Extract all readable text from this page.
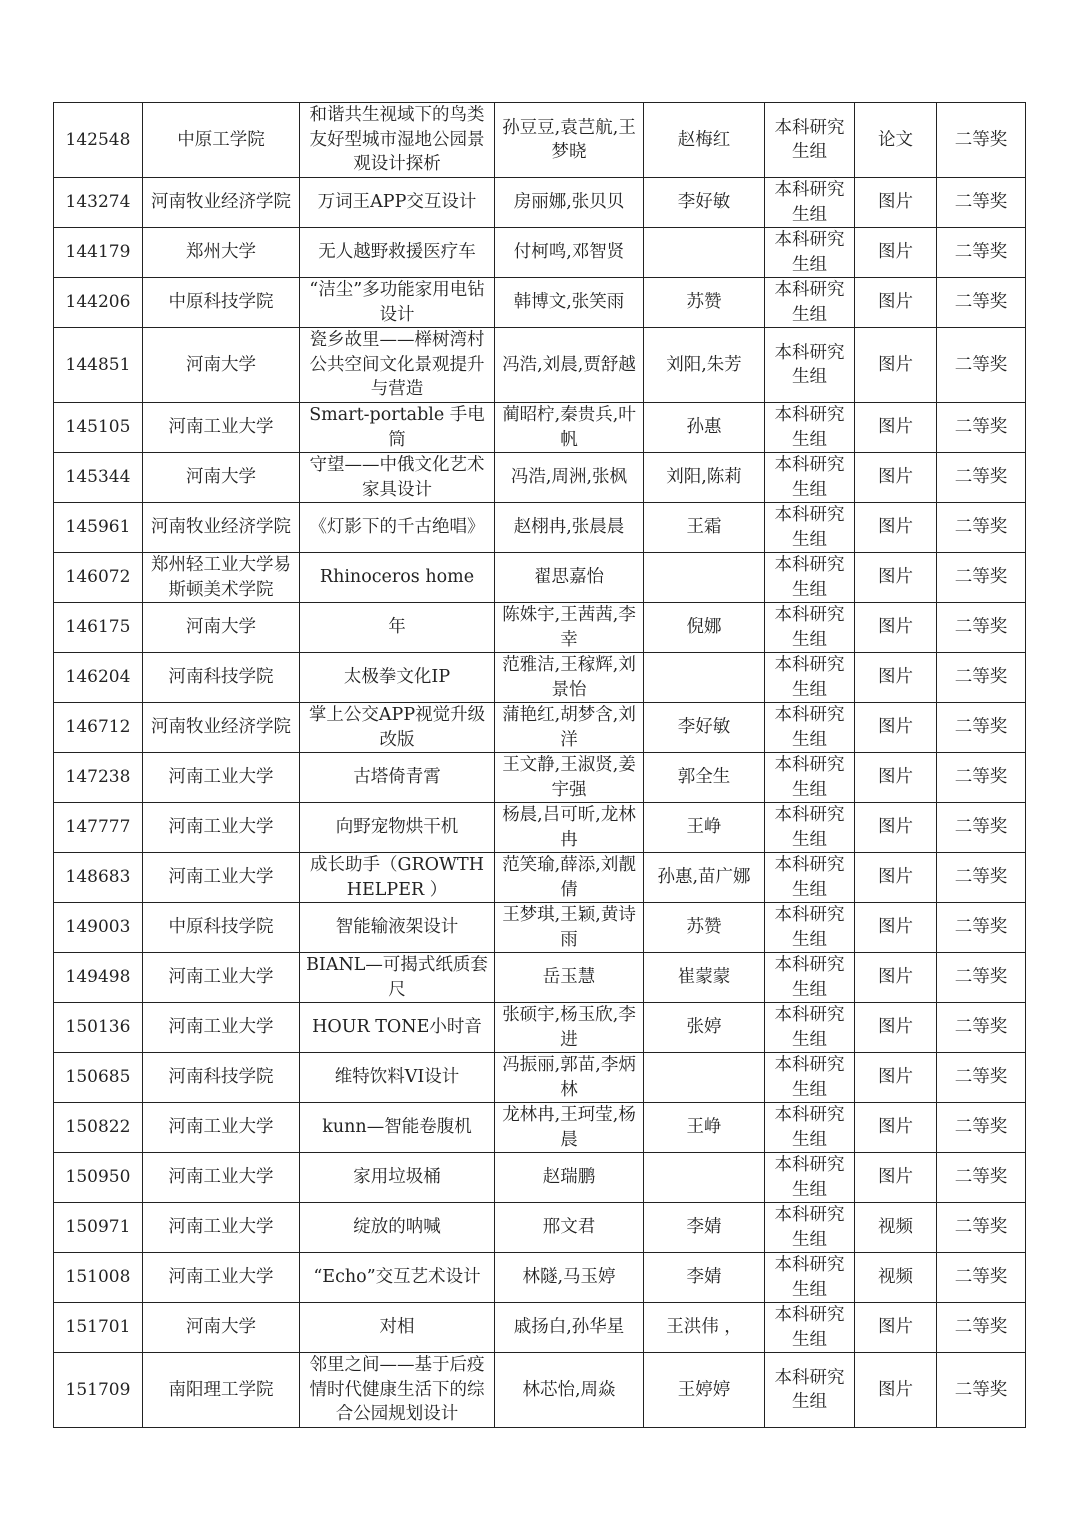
142548	中原工学院	和谐共生视域下的鸟类友好型城市湿地公园景观设计探析	孙豆豆,袁芑航,王梦晓	赵梅红	本科研究生组	论文	二等奖
143274	河南牧业经济学院	万词王APP交互设计	房丽娜,张贝贝	李好敏	本科研究生组	图片	二等奖
144179	郑州大学	无人越野救援医疗车	付柯鸣,邓智贤		本科研究生组	图片	二等奖
144206	中原科技学院	“洁尘”多功能家用电钻设计	韩博文,张笑雨	苏赞	本科研究生组	图片	二等奖
144851	河南大学	瓷乡故里——榉树湾村公共空间文化景观提升与营造	冯浩,刘晨,贾舒越	刘阳,朱芳	本科研究生组	图片	二等奖
145105	河南工业大学	Smart-portable 手电筒	蔺昭柠,秦贵兵,叶帆	孙惠	本科研究生组	图片	二等奖
145344	河南大学	守望——中俄文化艺术家具设计	冯浩,周洲,张枫	刘阳,陈莉	本科研究生组	图片	二等奖
145961	河南牧业经济学院	《灯影下的千古绝唱》	赵栩冉,张晨晨	王霜	本科研究生组	图片	二等奖
146072	郑州轻工业大学易斯顿美术学院	Rhinoceros home	翟思嘉怡		本科研究生组	图片	二等奖
146175	河南大学	年	陈姝宇,王茜茜,李幸	倪娜	本科研究生组	图片	二等奖
146204	河南科技学院	太极拳文化IP	范雅洁,王稼辉,刘景怡		本科研究生组	图片	二等奖
146712	河南牧业经济学院	掌上公交APP视觉升级改版	蒲艳红,胡梦含,刘洋	李好敏	本科研究生组	图片	二等奖
147238	河南工业大学	古塔倚青霄	王文静,王淑贤,姜宇强	郭全生	本科研究生组	图片	二等奖
147777	河南工业大学	向野宠物烘干机	杨晨,吕可昕,龙林冉	王峥	本科研究生组	图片	二等奖
148683	河南工业大学	成长助手（GROWTH HELPER ）	范笑瑜,薛添,刘靓倩	孙惠,苗广娜	本科研究生组	图片	二等奖
149003	中原科技学院	智能输液架设计	王梦琪,王颖,黄诗雨	苏赞	本科研究生组	图片	二等奖
149498	河南工业大学	BIANL—可揭式纸质套尺	岳玉慧	崔蒙蒙	本科研究生组	图片	二等奖
150136	河南工业大学	HOUR TONE小时音	张硕宇,杨玉欣,李进	张婷	本科研究生组	图片	二等奖
150685	河南科技学院	维特饮料VI设计	冯振丽,郭苗,李炳林		本科研究生组	图片	二等奖
150822	河南工业大学	kunn—智能卷腹机	龙林冉,王珂莹,杨晨	王峥	本科研究生组	图片	二等奖
150950	河南工业大学	家用垃圾桶	赵瑞鹏		本科研究生组	图片	二等奖
150971	河南工业大学	绽放的呐喊	邢文君	李婧	本科研究生组	视频	二等奖
151008	河南工业大学	“Echo”交互艺术设计	林隧,马玉婷	李婧	本科研究生组	视频	二等奖
151701	河南大学	对相	戚扬白,孙华星	王洪伟 ，	本科研究生组	图片	二等奖
151709	南阳理工学院	邻里之间——基于后疫情时代健康生活下的综合公园规划设计	林芯怡,周焱	王婷婷	本科研究生组	图片	二等奖
